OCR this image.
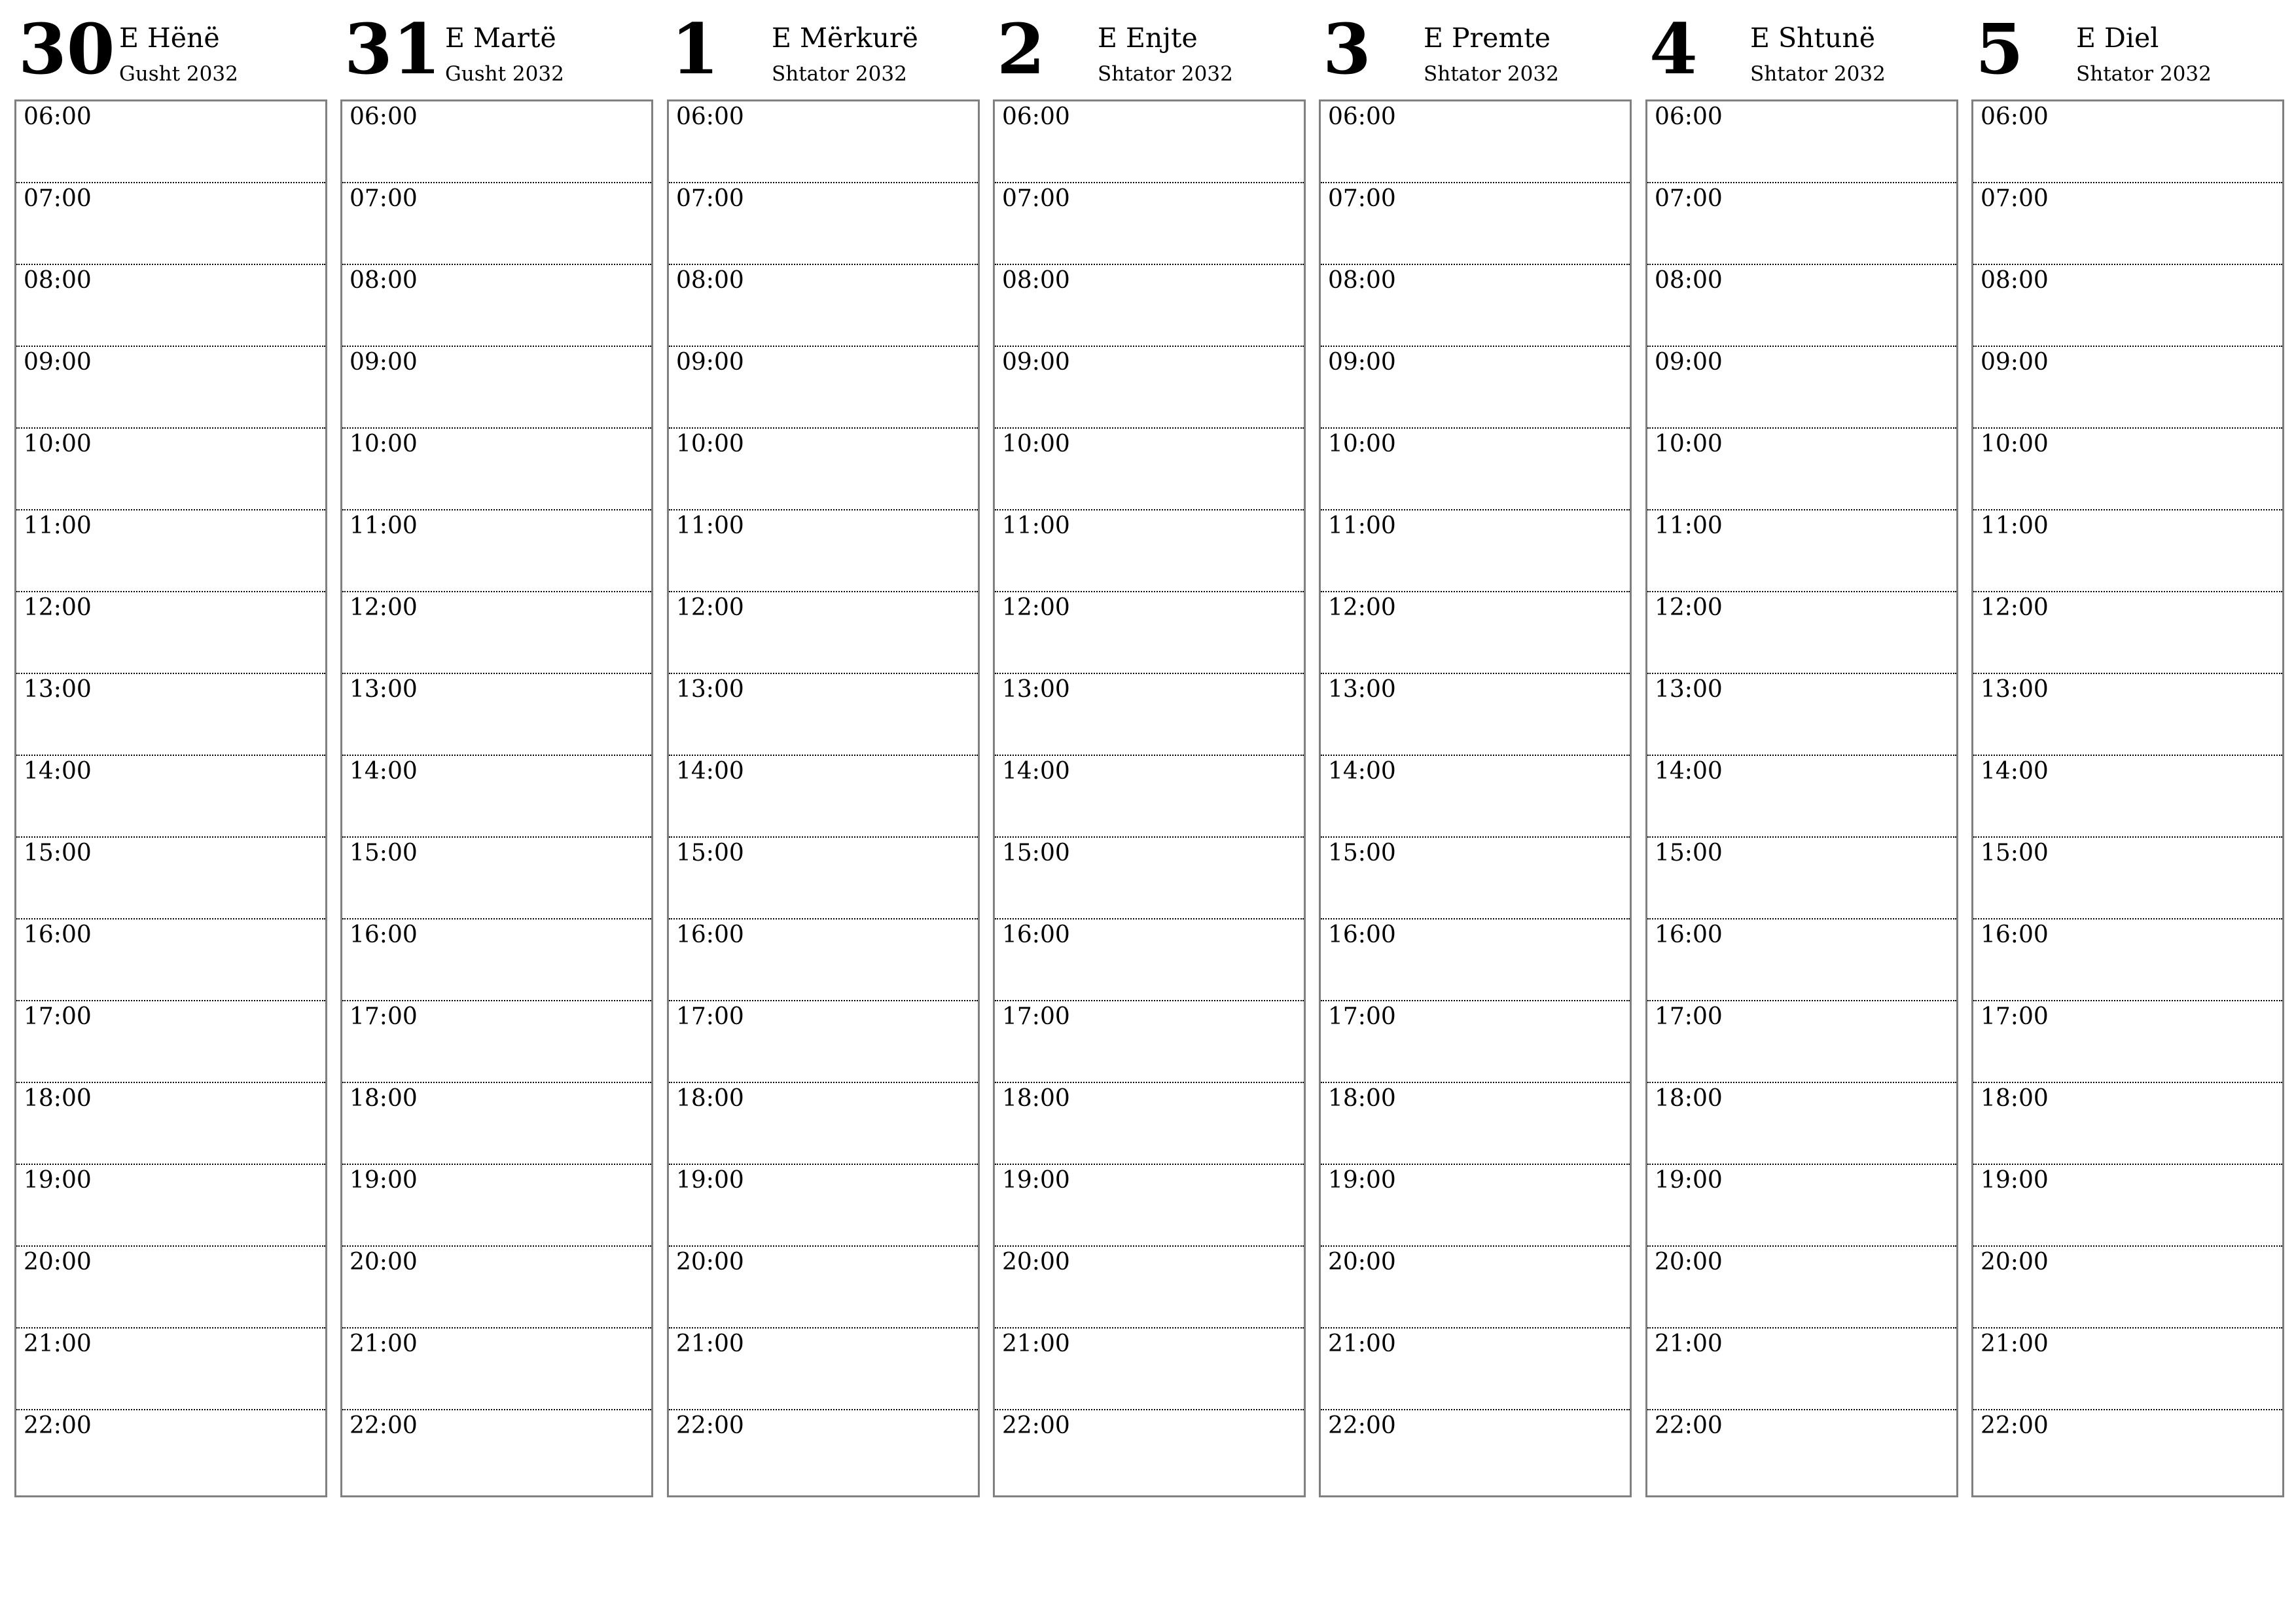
30 E Hënë
Gusht 2032
06:00
07:00
08:00
09:00
10:00
11:00
12:00
13:00
14:00
15:00
16:00
17:00
18:00
19:00
20:00
21:00
22:00
31 E Martë
Gusht 2032
06:00
07:00
08:00
09:00
10:00
11:00
12:00
13:00
14:00
15:00
16:00
17:00
18:00
19:00
20:00
21:00
22:00
1 E Mërkurë
Shtator 2032
06:00
07:00
08:00
09:00
10:00
11:00
12:00
13:00
14:00
15:00
16:00
17:00
18:00
19:00
20:00
21:00
22:00
2 E Enjte
Shtator 2032
06:00
07:00
08:00
09:00
10:00
11:00
12:00
13:00
14:00
15:00
16:00
17:00
18:00
19:00
20:00
21:00
22:00
3 E Premte
Shtator 2032
06:00
07:00
08:00
09:00
10:00
11:00
12:00
13:00
14:00
15:00
16:00
17:00
18:00
19:00
20:00
21:00
22:00
4 E Shtunë
Shtator 2032
06:00
07:00
08:00
09:00
10:00
11:00
12:00
13:00
14:00
15:00
16:00
17:00
18:00
19:00
20:00
21:00
22:00
5 E Diel
Shtator 2032
06:00
07:00
08:00
09:00
10:00
11:00
12:00
13:00
14:00
15:00
16:00
17:00
18:00
19:00
20:00
21:00
22:00
